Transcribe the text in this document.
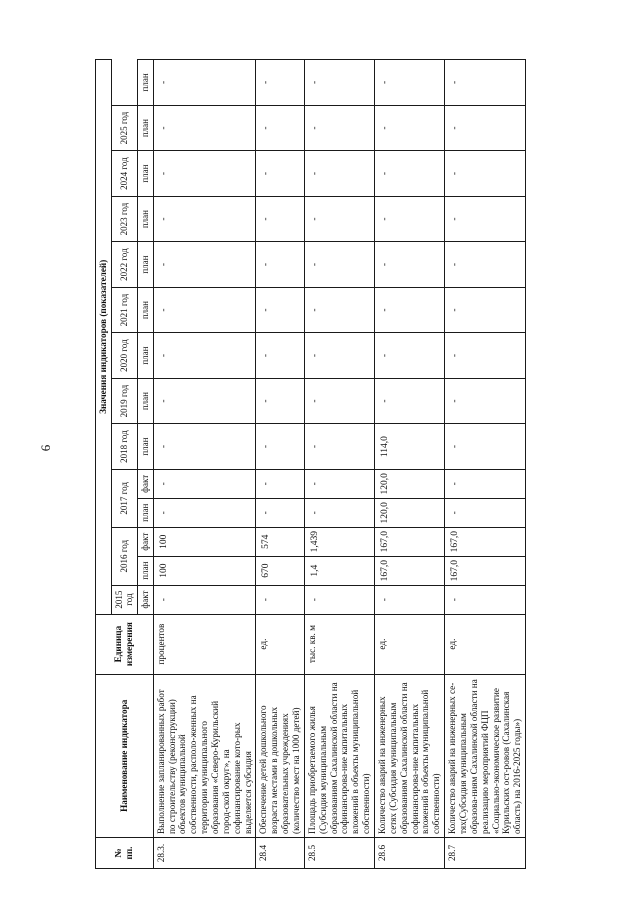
6
№ пп.	Наименование индикатора	Единица измерения	Значения индикаторов (показателей)													
			2015 год	2016 год		2017 год		2018 год	2019 год	2020 год	2021 год	2022 год	2023 год	2024 год	2025 год	
			факт	план	факт	план	факт	план	план	план	план	план	план	план	план	план
28.3.	Выполнение запланированных работ по строительству (реконструкции) объектов муниципальной собственности, располо-женных на территории муниципального образования «Северо-Курильский город-ской округ», на софинансирование кото-рых выделяется субсидия	процентов	-	100	100	-	-	-	-	-	-	-	-	-	-	-
28.4	Обеспечение детей дошкольного возраста местами в дошкольных образовательных учреждениях (количество мест на 1000 детей)	ед.	-	670	574	-	-	-	-	-	-	-	-	-	-	-
28.5	Площадь приобретаемого жилья (Субсидия муниципальным образованиям Сахалинской области на софинансирова-ние капитальных вложений в объекты муниципальной собственности)	тыс. кв. м	-	1,4	1,439	-	-	-	-	-	-	-	-	-	-	-
28.6	Количество аварий на инженерных сетях (Субсидия муниципальным образованиям Сахалинской области на софинансирова-ние капитальных вложений в объекты муниципальной собственности)	ед.	-	167,0	167,0	120,0	120,0	114,0	-	-	-	-	-	-	-	-
28.7	Количество аварий на инженерных се-тях(Субсидия муниципальным образова-ниям Сахалинской области на реализацию мероприятий ФЦП «Социально-экономическое развитие Курильских ост-ровов (Сахалинская область) на 2016-2025 годы»)	ед.	-	167,0	167,0	-	-	-	-	-	-	-	-	-	-	-
